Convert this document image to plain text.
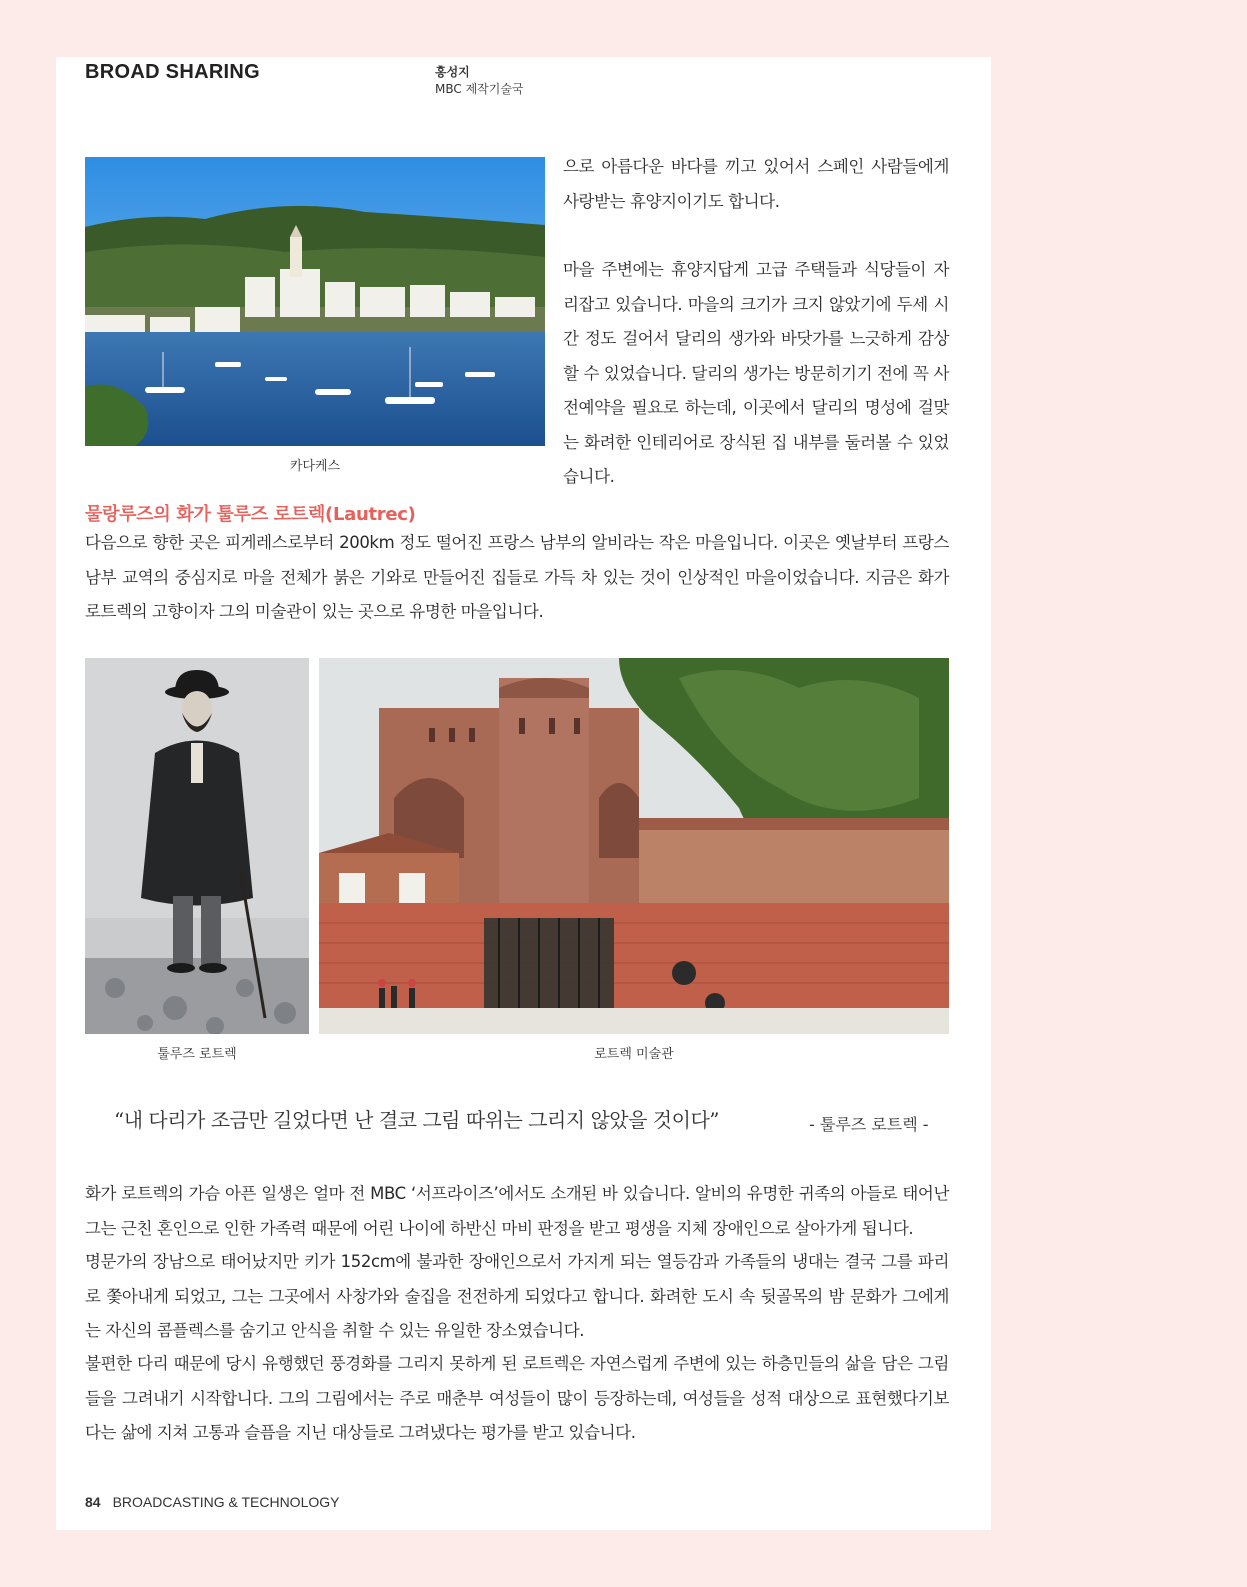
BROAD SHARING	홍성지
MBC 제작기술국
카다케스

으로 아름다운 바다를 끼고 있어서 스페인 사람들에게 사랑받는 휴양지이기도 합니다.

마을 주변에는 휴양지답게 고급 주택들과 식당들이 자리잡고 있습니다. 마을의 크기가 크지 않았기에 두세 시간 정도 걸어서 달리의 생가와 바닷가를 느긋하게 감상할 수 있었습니다. 달리의 생가는 방문히기기 전에 꼭 사전예약을 필요로 하는데, 이곳에서 달리의 명성에 걸맞는 화려한 인테리어로 장식된 집 내부를 둘러볼 수 있었습니다.

물랑루즈의 화가 툴루즈 로트렉(Lautrec)

다음으로 향한 곳은 피게레스로부터 200km 정도 떨어진 프랑스 남부의 알비라는 작은 마을입니다. 이곳은 옛날부터 프랑스 남부 교역의 중심지로 마을 전체가 붉은 기와로 만들어진 집들로 가득 차 있는 것이 인상적인 마을이었습니다. 지금은 화가 로트렉의 고향이자 그의 미술관이 있는 곳으로 유명한 마을입니다.

툴루즈 로트렉	로트렉 미술관
“내 다리가 조금만 길었다면 난 결코 그림 따위는 그리지 않았을 것이다”	- 툴루즈 로트렉 -

화가 로트렉의 가슴 아픈 일생은 얼마 전 MBC ‘서프라이즈’에서도 소개된 바 있습니다. 알비의 유명한 귀족의 아들로 태어난 그는 근친 혼인으로 인한 가족력 때문에 어린 나이에 하반신 마비 판정을 받고 평생을 지체 장애인으로 살아가게 됩니다.

명문가의 장남으로 태어났지만 키가 152cm에 불과한 장애인으로서 가지게 되는 열등감과 가족들의 냉대는 결국 그를 파리로 쫓아내게 되었고, 그는 그곳에서 사창가와 술집을 전전하게 되었다고 합니다. 화려한 도시 속 뒷골목의 밤 문화가 그에게는 자신의 콤플렉스를 숨기고 안식을 취할 수 있는 유일한 장소였습니다.

불편한 다리 때문에 당시 유행했던 풍경화를 그리지 못하게 된 로트렉은 자연스럽게 주변에 있는 하층민들의 삶을 담은 그림들을 그려내기 시작합니다. 그의 그림에서는 주로 매춘부 여성들이 많이 등장하는데, 여성들을 성적 대상으로 표현했다기보다는 삶에 지쳐 고통과 슬픔을 지닌 대상들로 그려냈다는 평가를 받고 있습니다.

84 BROADCASTING & TECHNOLOGY
